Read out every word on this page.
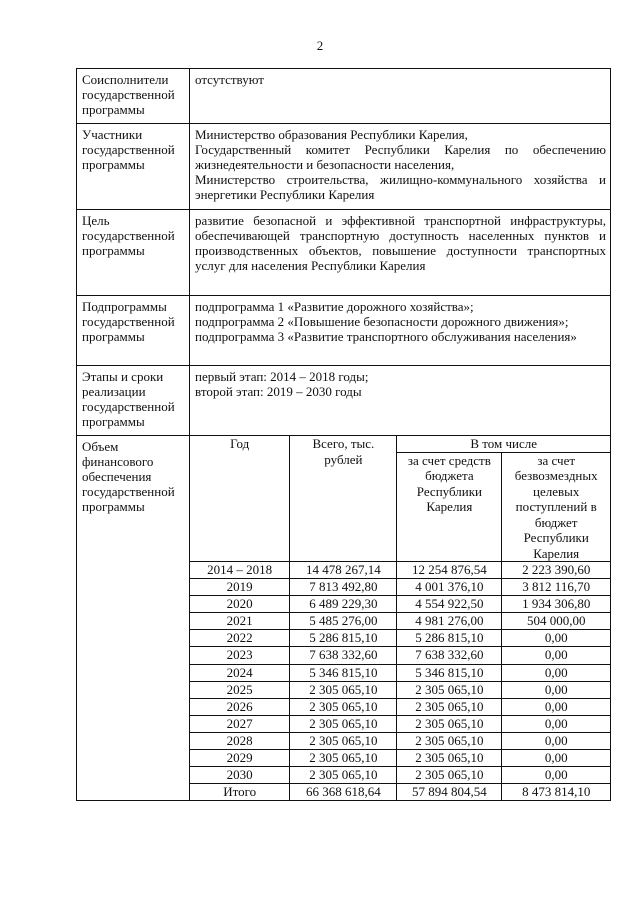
2
Соисполнители государственной программы	
отсутствуют

Участники государственной программы	
Министерство образования Республики Карелия,
Государственный комитет Республики Карелия по обеспечению жизнедеятельности и безопасности населения,
Министерство строительства, жилищно-коммунального хозяйства и энергетики Республики Карелия

Цель государственной программы	
развитие безопасной и эффективной транспортной инфраструктуры, обеспечивающей транспортную доступность населенных пунктов и производственных объектов, повышение доступности транспортных услуг для населения Республики Карелия

Подпрограммы государственной программы	
подпрограмма 1 «Развитие дорожного хозяйства»;
подпрограмма 2 «Повышение безопасности дорожного движения»;
подпрограмма 3 «Развитие транспортного обслуживания населения»

Этапы и сроки реализации государственной программы	
первый этап: 2014 – 2018 годы;
второй этап: 2019 – 2030 годы

Объем финансового обеспечения государственной программы	
Год	Всего, тыс. рублей	В том числе
за счет средств бюджета Республики Карелия	за счет безвозмездных целевых поступлений в бюджет Республики Карелия
2014 – 2018	14 478 267,14	12 254 876,54	2 223 390,60
2019	7 813 492,80	4 001 376,10	3 812 116,70
2020	6 489 229,30	4 554 922,50	1 934 306,80
2021	5 485 276,00	4 981 276,00	504 000,00
2022	5 286 815,10	5 286 815,10	0,00
2023	7 638 332,60	7 638 332,60	0,00
2024	5 346 815,10	5 346 815,10	0,00
2025	2 305 065,10	2 305 065,10	0,00
2026	2 305 065,10	2 305 065,10	0,00
2027	2 305 065,10	2 305 065,10	0,00
2028	2 305 065,10	2 305 065,10	0,00
2029	2 305 065,10	2 305 065,10	0,00
2030	2 305 065,10	2 305 065,10	0,00
Итого	66 368 618,64	57 894 804,54	8 473 814,10
